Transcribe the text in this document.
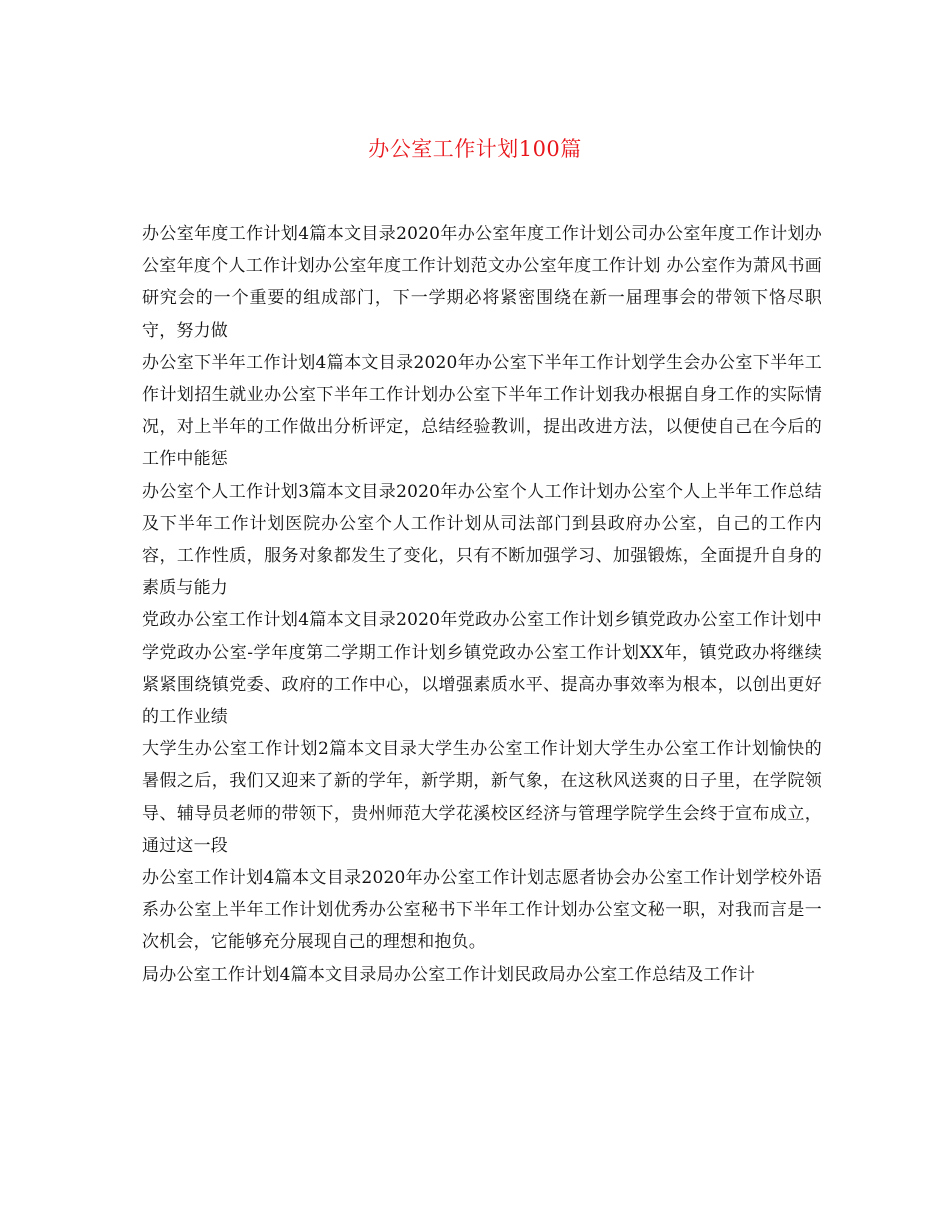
办公室工作计划100篇

办公室年度工作计划4篇本文目录2020年办公室年度工作计划公司办公室年度工作计划办公室年度个人工作计划办公室年度工作计划范文办公室年度工作计划 办公室作为萧风书画研究会的一个重要的组成部门，下一学期必将紧密围绕在新一届理事会的带领下恪尽职守，努力做

办公室下半年工作计划4篇本文目录2020年办公室下半年工作计划学生会办公室下半年工作计划招生就业办公室下半年工作计划办公室下半年工作计划我办根据自身工作的实际情况，对上半年的工作做出分析评定，总结经验教训，提出改进方法，以便使自己在今后的工作中能惩

办公室个人工作计划3篇本文目录2020年办公室个人工作计划办公室个人上半年工作总结及下半年工作计划医院办公室个人工作计划从司法部门到县政府办公室，自己的工作内容，工作性质，服务对象都发生了变化，只有不断加强学习、加强锻炼，全面提升自身的素质与能力

党政办公室工作计划4篇本文目录2020年党政办公室工作计划乡镇党政办公室工作计划中学党政办公室-学年度第二学期工作计划乡镇党政办公室工作计划XX年，镇党政办将继续紧紧围绕镇党委、政府的工作中心，以增强素质水平、提高办事效率为根本，以创出更好的工作业绩

大学生办公室工作计划2篇本文目录大学生办公室工作计划大学生办公室工作计划愉快的暑假之后，我们又迎来了新的学年，新学期，新气象，在这秋风送爽的日子里，在学院领导、辅导员老师的带领下，贵州师范大学花溪校区经济与管理学院学生会终于宣布成立，通过这一段

办公室工作计划4篇本文目录2020年办公室工作计划志愿者协会办公室工作计划学校外语系办公室上半年工作计划优秀办公室秘书下半年工作计划办公室文秘一职，对我而言是一次机会，它能够充分展现自己的理想和抱负。

局办公室工作计划4篇本文目录局办公室工作计划民政局办公室工作总结及工作计
